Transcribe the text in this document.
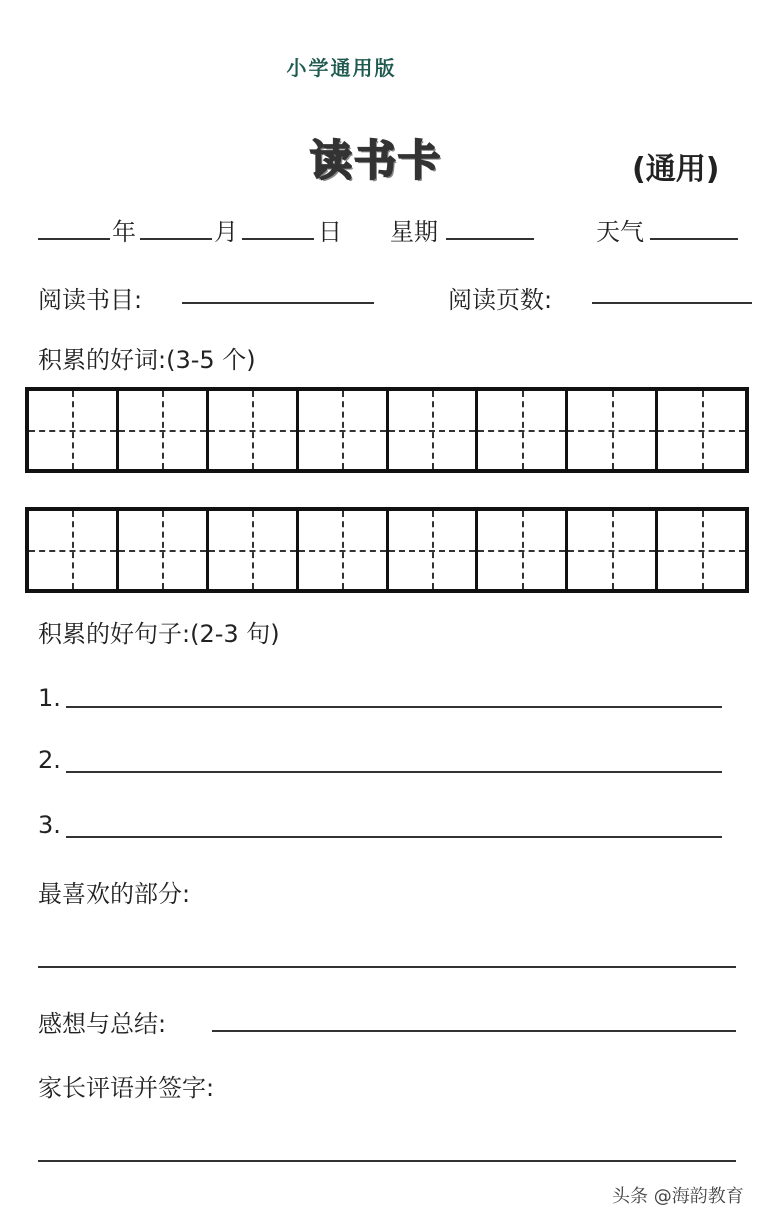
小学通用版
读书卡	(通用)
年	月	日 星期	天气
阅读书目:	阅读页数:
积累的好词:(3-5 个)
积累的好句子:(2-3 句)
1.
2.
3.
最喜欢的部分:
感想与总结:
家长评语并签字:
头条 @海韵教育
